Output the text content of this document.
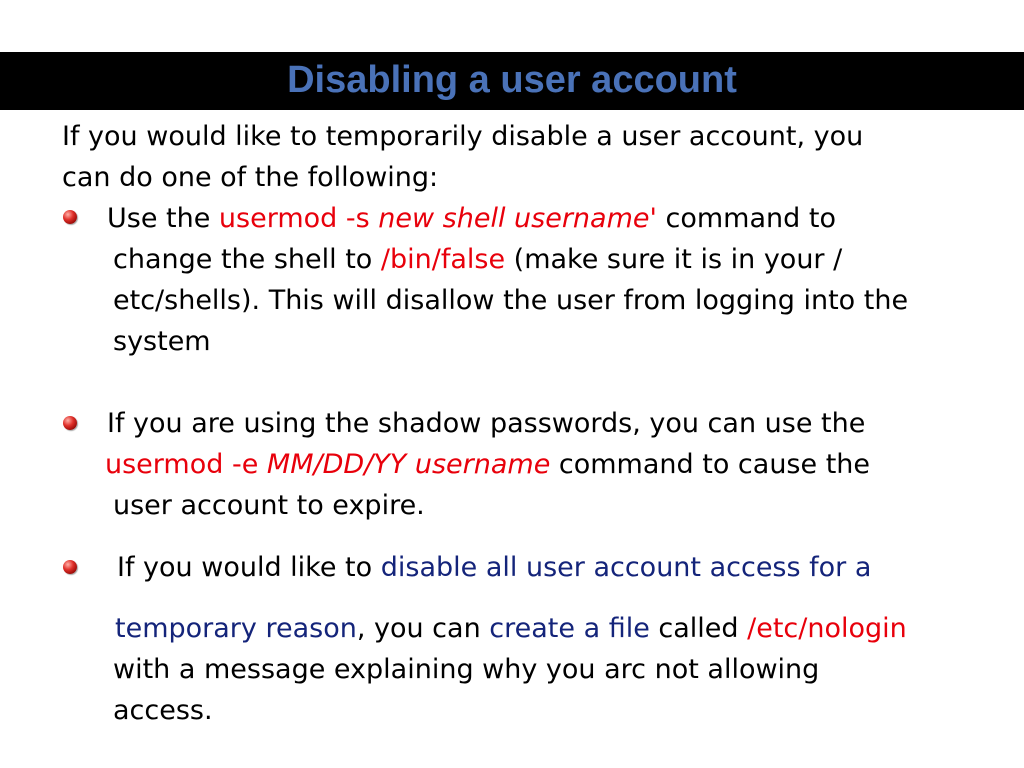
Disabling a user account
If you would like to temporarily disable a user account, you
can do one of the following:
Use the usermod -s new shell username' command to
change the shell to /bin/false (make sure it is in your /
etc/shells). This will disallow the user from logging into the
system
If you are using the shadow passwords, you can use the
usermod -e MM/DD/YY username command to cause the
user account to expire.
If you would like to disable all user account access for a
temporary reason, you can create a file called /etc/nologin
with a message explaining why you arc not allowing
access.
